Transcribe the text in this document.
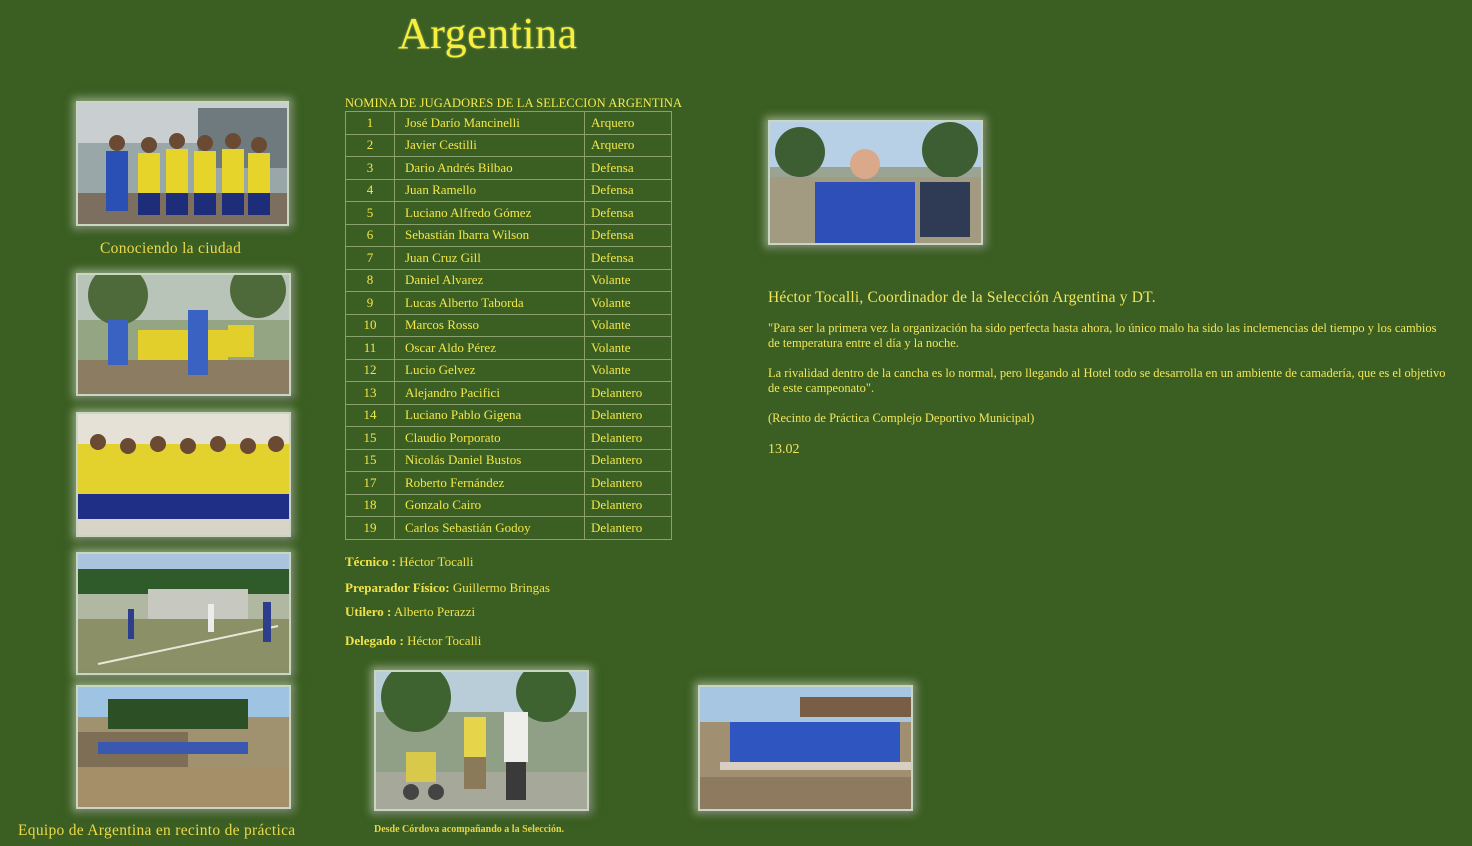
Argentina
Conociendo la ciudad
Equipo de Argentina en recinto de práctica
NOMINA DE JUGADORES DE LA SELECCION ARGENTINA
1	José Darío Mancinelli	Arquero
2	Javier Cestilli	Arquero
3	Dario Andrés Bilbao	Defensa
4	Juan Ramello	Defensa
5	Luciano Alfredo Gómez	Defensa
6	Sebastián Ibarra Wilson	Defensa
7	Juan Cruz Gill	Defensa
8	Daniel Alvarez	Volante
9	Lucas Alberto Taborda	Volante
10	Marcos Rosso	Volante
11	Oscar Aldo Pérez	Volante
12	Lucio Gelvez	Volante
13	Alejandro Pacifici	Delantero
14	Luciano Pablo Gigena	Delantero
15	Claudio Porporato	Delantero
15	Nicolás Daniel Bustos	Delantero
17	Roberto Fernández	Delantero
18	Gonzalo Cairo	Delantero
19	Carlos Sebastián Godoy	Delantero
Técnico : Héctor Tocalli
Preparador Físico: Guillermo Bringas
Utilero : Alberto Perazzi
Delegado : Héctor Tocalli
Desde Córdova acompañando a la Selección.
Héctor Tocalli, Coordinador de la Selección Argentina y DT.

"Para ser la primera vez la organización ha sido perfecta hasta ahora, lo único malo ha sido las inclemencias del tiempo y los cambios de temperatura entre el día y la noche.

La rivalidad dentro de la cancha es lo normal, pero llegando al Hotel todo se desarrolla en un ambiente de camadería, que es el objetivo de este campeonato".

(Recinto de Práctica Complejo Deportivo Municipal)

13.02
